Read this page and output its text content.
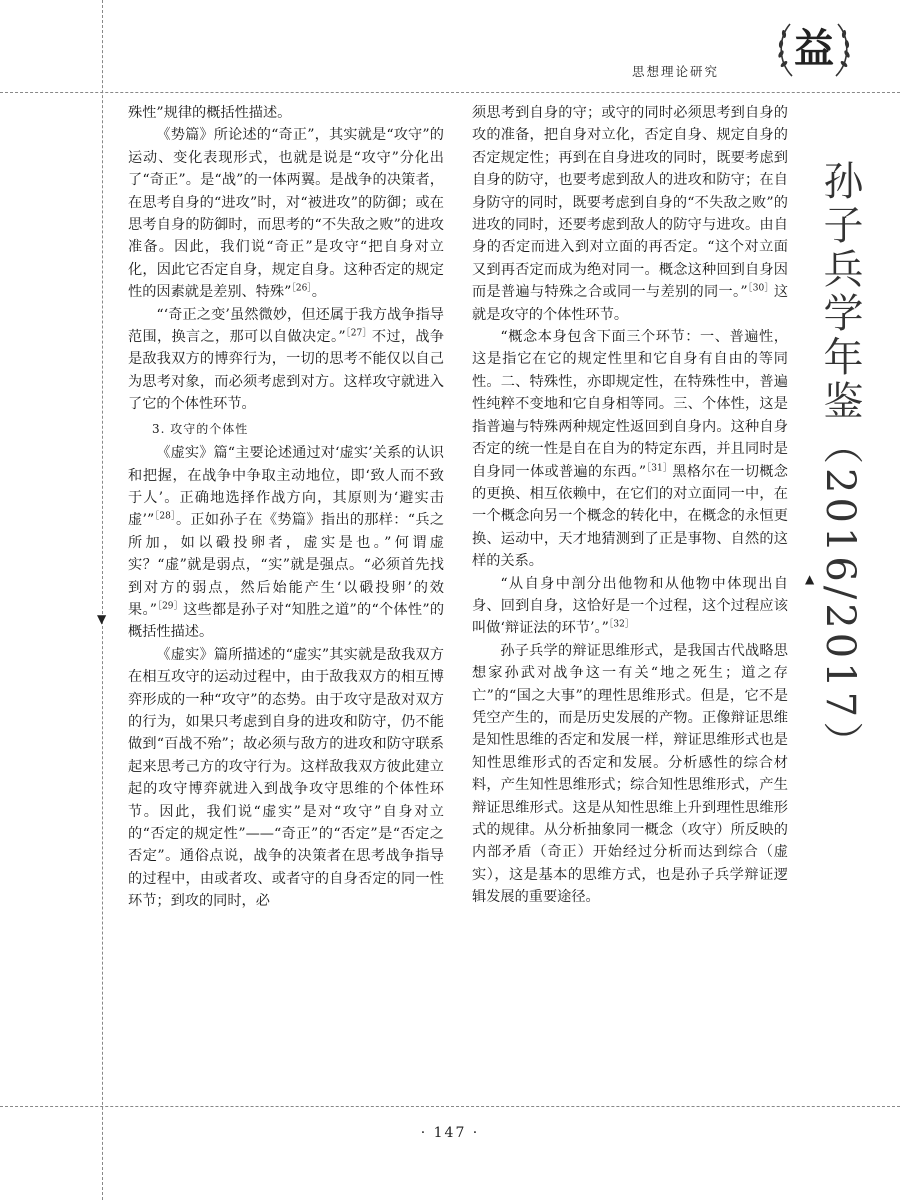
▼
▲
思想理论研究 益
孙子兵学年鉴（2016/2017）

殊性”规律的概括性描述。

《势篇》所论述的“奇正”，其实就是“攻守”的运动、变化表现形式，也就是说是“攻守”分化出了“奇正”。是“战”的一体两翼。是战争的决策者，在思考自身的“进攻”时，对“被进攻”的防御；或在思考自身的防御时，而思考的“不失敌之败”的进攻准备。因此，我们说“奇正”是攻守“把自身对立化，因此它否定自身，规定自身。这种否定的规定性的因素就是差别、特殊”$^{[26]}$。

“‘奇正之变’虽然微妙，但还属于我方战争指导范围，换言之，那可以自做决定。”$^{[27]}$不过，战争是敌我双方的博弈行为，一切的思考不能仅以自己为思考对象，而必须考虑到对方。这样攻守就进入了它的个体性环节。

3. 攻守的个体性

《虚实》篇“主要论述通过对‘虚实’关系的认识和把握，在战争中争取主动地位，即‘致人而不致于人’。正确地选择作战方向，其原则为‘避实击虚’”$^{[28]}$。正如孙子在《势篇》指出的那样：“兵之所加，如以碫投卵者，虚实是也。”何谓虚实？“虚”就是弱点，“实”就是强点。“必须首先找到对方的弱点，然后始能产生‘以碫投卵’的效果。”$^{[29]}$这些都是孙子对“知胜之道”的“个体性”的概括性描述。

《虚实》篇所描述的“虚实”其实就是敌我双方在相互攻守的运动过程中，由于敌我双方的相互博弈形成的一种“攻守”的态势。由于攻守是敌对双方的行为，如果只考虑到自身的进攻和防守，仍不能做到“百战不殆”；故必须与敌方的进攻和防守联系起来思考己方的攻守行为。这样敌我双方彼此建立起的攻守博弈就进入到战争攻守思维的个体性环节。因此，我们说“虚实”是对“攻守”自身对立的“否定的规定性”——“奇正”的“否定”是“否定之否定”。通俗点说，战争的决策者在思考战争指导的过程中，由或者攻、或者守的自身否定的同一性环节；到攻的同时，必

须思考到自身的守；或守的同时必须思考到自身的攻的准备，把自身对立化，否定自身、规定自身的否定规定性；再到在自身进攻的同时，既要考虑到自身的防守，也要考虑到敌人的进攻和防守；在自身防守的同时，既要考虑到自身的“不失敌之败”的进攻的同时，还要考虑到敌人的防守与进攻。由自身的否定而进入到对立面的再否定。“这个对立面又到再否定而成为绝对同一。概念这种回到自身因而是普遍与特殊之合或同一与差别的同一。”$^{[30]}$这就是攻守的个体性环节。

“概念本身包含下面三个环节：一、普遍性，这是指它在它的规定性里和它自身有自由的等同性。二、特殊性，亦即规定性，在特殊性中，普遍性纯粹不变地和它自身相等同。三、个体性，这是指普遍与特殊两种规定性返回到自身内。这种自身否定的统一性是自在自为的特定东西，并且同时是自身同一体或普遍的东西。”$^{[31]}$黑格尔在一切概念的更换、相互依赖中，在它们的对立面同一中，在一个概念向另一个概念的转化中，在概念的永恒更换、运动中，天才地猜测到了正是事物、自然的这样的关系。

“从自身中剖分出他物和从他物中体现出自身、回到自身，这恰好是一个过程，这个过程应该叫做‘辩证法的环节’。”$^{[32]}$

孙子兵学的辩证思维形式，是我国古代战略思想家孙武对战争这一有关“地之死生；道之存亡”的“国之大事”的理性思维形式。但是，它不是凭空产生的，而是历史发展的产物。正像辩证思维是知性思维的否定和发展一样，辩证思维形式也是知性思维形式的否定和发展。分析感性的综合材料，产生知性思维形式；综合知性思维形式，产生辩证思维形式。这是从知性思维上升到理性思维形式的规律。从分析抽象同一概念（攻守）所反映的内部矛盾（奇正）开始经过分析而达到综合（虚实），这是基本的思维方式，也是孙子兵学辩证逻辑发展的重要途径。

· 147 ·
